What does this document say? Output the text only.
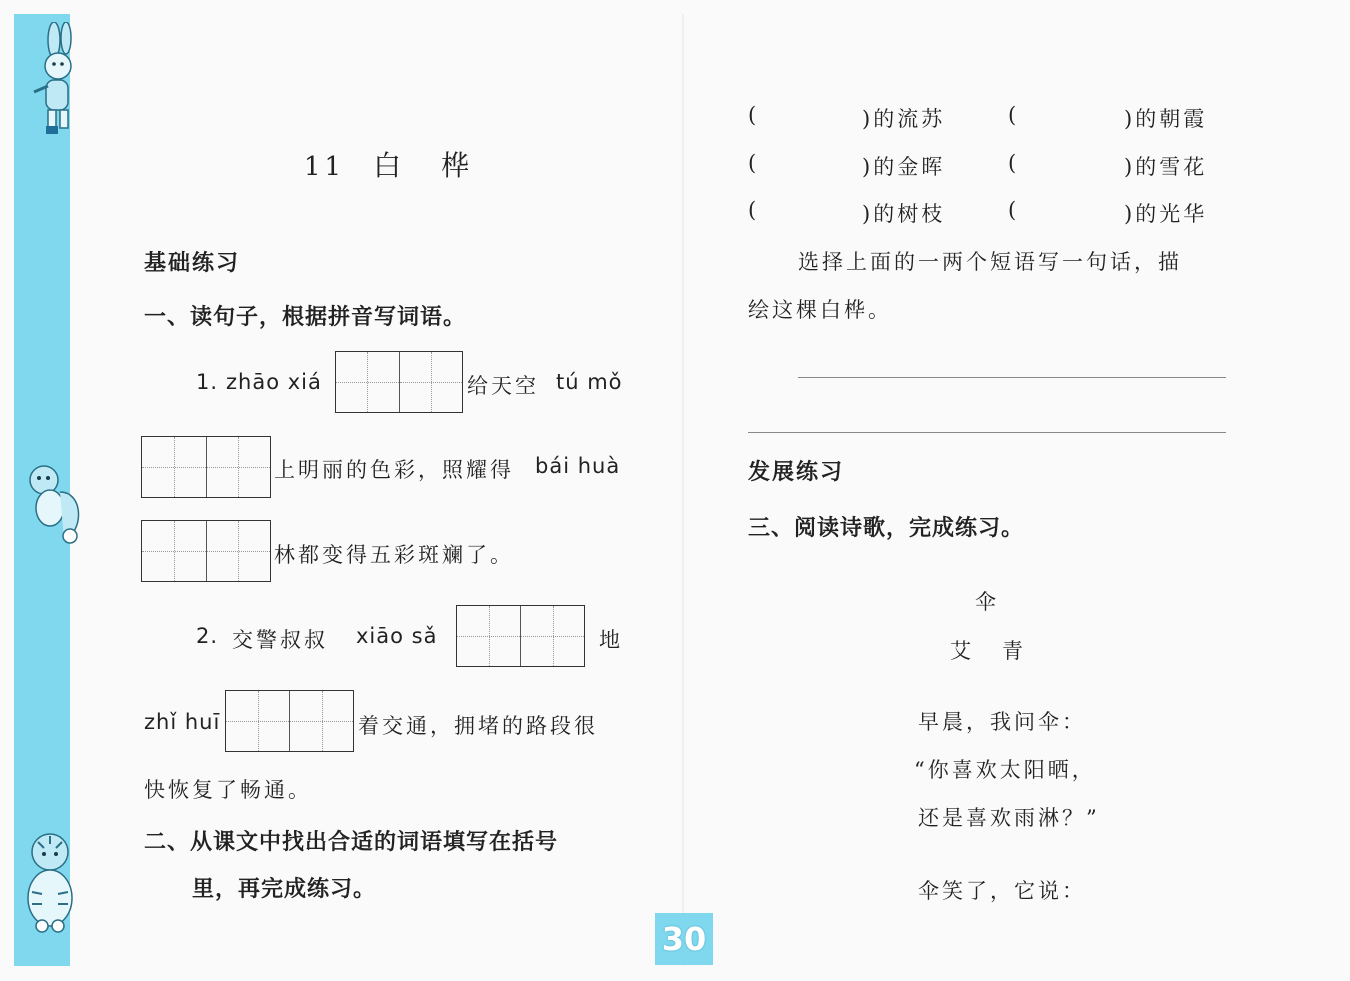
11 白 桦
基础练习
一、读句子，根据拼音写词语。
1. zhāo xiá	给天空 tú mǒ
上明丽的色彩，照耀得 bái huà
林都变得五彩斑斓了。
2. 交警叔叔 xiāo sǎ	地
zhǐ huī	着交通，拥堵的路段很
快恢复了畅通。
二、从课文中找出合适的词语填写在括号
里，再完成练习。
(	)的流苏	(	)的朝霞
(	)的金晖	(	)的雪花
(	)的树枝	(	)的光华
选择上面的一两个短语写一句话，描
绘这棵白桦。
发展练习
三、阅读诗歌，完成练习。
伞
艾 青
早晨，我问伞：
“你喜欢太阳晒，
还是喜欢雨淋？”
伞笑了，它说：
30
